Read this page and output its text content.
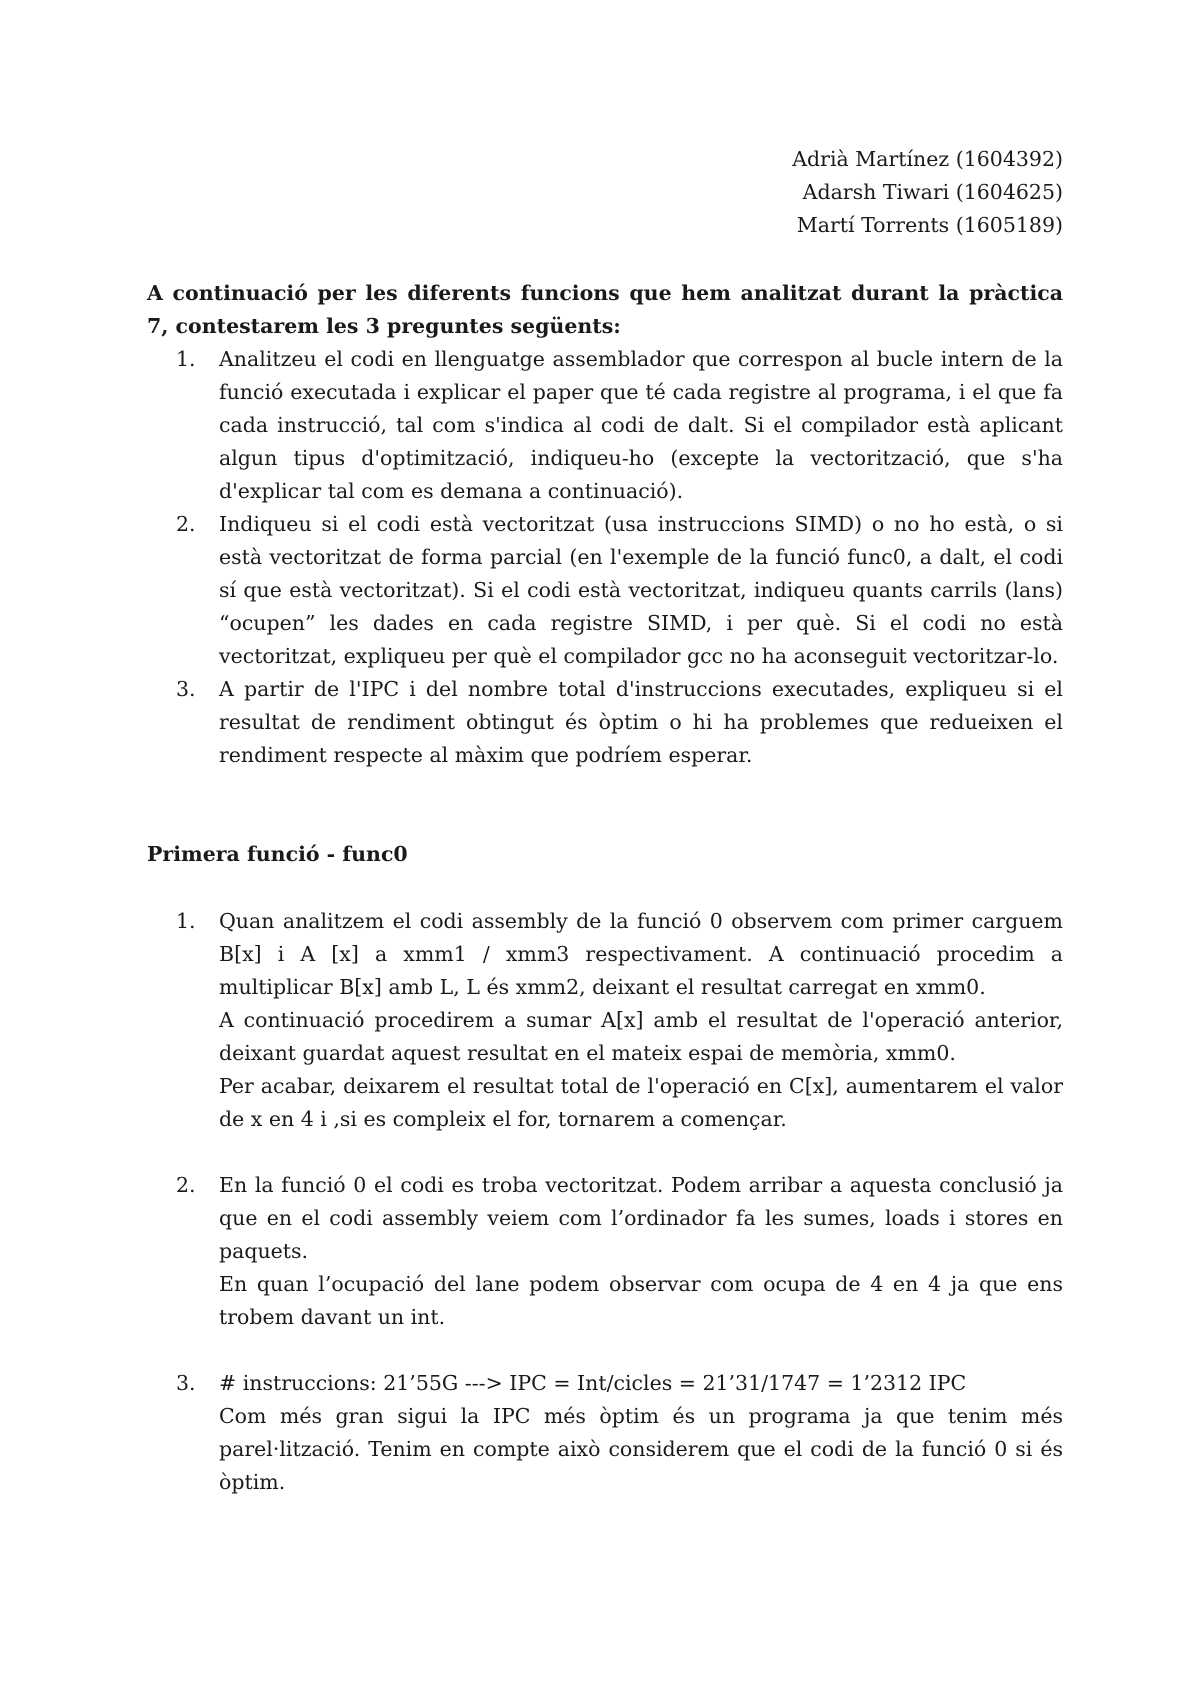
Adrià Martínez (1604392)
Adarsh Tiwari (1604625)
Martí Torrents (1605189)

A continuació per les diferents funcions que hem analitzat durant la pràctica 7, contestarem les 3 preguntes següents:

1. Analitzeu el codi en llenguatge assemblador que correspon al bucle intern de la funció executada i explicar el paper que té cada registre al programa, i el que fa cada instrucció, tal com s'indica al codi de dalt. Si el compilador està aplicant algun tipus d'optimització, indiqueu-ho (excepte la vectorització, que s'ha d'explicar tal com es demana a continuació).
2. Indiqueu si el codi està vectoritzat (usa instruccions SIMD) o no ho està, o si està vectoritzat de forma parcial (en l'exemple de la funció func0, a dalt, el codi sí que està vectoritzat). Si el codi està vectoritzat, indiqueu quants carrils (lans) “ocupen” les dades en cada registre SIMD, i per què. Si el codi no està vectoritzat, expliqueu per què el compilador gcc no ha aconseguit vectoritzar-lo.
3. A partir de l'IPC i del nombre total d'instruccions executades, expliqueu si el resultat de rendiment obtingut és òptim o hi ha problemes que redueixen el rendiment respecte al màxim que podríem esperar.
Primera funció - func0
1. Quan analitzem el codi assembly de la funció 0 observem com primer carguem B[x] i A [x] a xmm1 / xmm3 respectivament. A continuació procedim a multiplicar B[x] amb L, L és xmm2, deixant el resultat carregat en xmm0.

A continuació procedirem a sumar A[x] amb el resultat de l'operació anterior, deixant guardat aquest resultat en el mateix espai de memòria, xmm0.

Per acabar, deixarem el resultat total de l'operació en C[x], aumentarem el valor de x en 4 i ,si es compleix el for, tornarem a començar.

2. En la funció 0 el codi es troba vectoritzat. Podem arribar a aquesta conclusió ja que en el codi assembly veiem com l’ordinador fa les sumes, loads i stores en paquets.

En quan l’ocupació del lane podem observar com ocupa de 4 en 4 ja que ens trobem davant un int.

3. # instruccions: 21’55G ---> IPC = Int/cicles = 21’31/1747 = 1’2312 IPC

Com més gran sigui la IPC més òptim és un programa ja que tenim més parel·lització. Tenim en compte això considerem que el codi de la funció 0 si és òptim.
